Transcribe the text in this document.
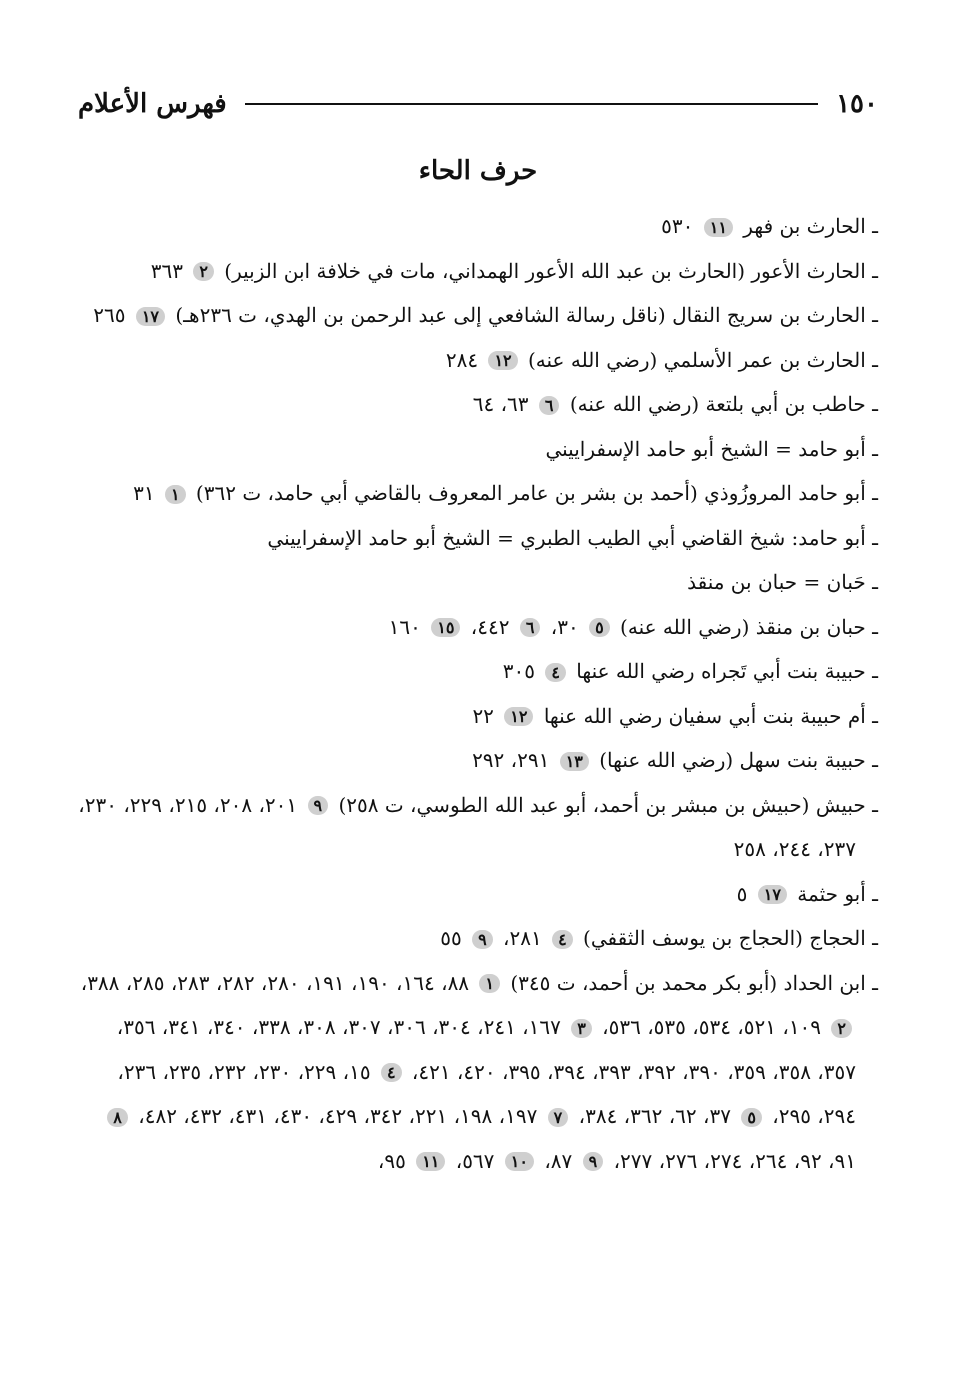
١٥٠
فهرس الأعلام
حرف الحاء
ـ الحارث بن فهر ١١ ٥٣٠
ـ الحارث الأعور (الحارث بن عبد الله الأعور الهمداني، مات في خلافة ابن الزبير) ٢ ٣٦٣
ـ الحارث بن سريج النقال (ناقل رسالة الشافعي إلى عبد الرحمن بن الهدي، ت ٢٣٦هـ) ١٧ ٢٦٥
ـ الحارث بن عمر الأسلمي (رضي الله عنه) ١٢ ٢٨٤
ـ حاطب بن أبي بلتعة (رضي الله عنه) ٦ ٦٣، ٦٤
ـ أبو حامد = الشيخ أبو حامد الإسفراييني
ـ أبو حامد المروزُوذي (أحمد بن بشر بن عامر المعروف بالقاضي أبي حامد، ت ٣٦٢) ١ ٣١
ـ أبو حامد: شيخ القاضي أبي الطيب الطبري = الشيخ أبو حامد الإسفراييني
ـ حَبان = حبان بن منقذ
ـ حبان بن منقذ (رضي الله عنه) ٥ ٣٠، ٦ ٤٤٢، ١٥ ١٦٠
ـ حبيبة بنت أبي تَجراه رضي الله عنها ٤ ٣٠٥
ـ أم حبيبة بنت أبي سفيان رضي الله عنها ١٢ ٢٢
ـ حبيبة بنت سهل (رضي الله عنها) ١٣ ٢٩١، ٢٩٢
ـ حبيش (حبيش بن مبشر بن أحمد، أبو عبد الله الطوسي، ت ٢٥٨) ٩ ٢٠١، ٢٠٨، ٢١٥، ٢٢٩، ٢٣٠، ٢٣٧، ٢٤٤، ٢٥٨
ـ أبو حثمة ١٧ ٥
ـ الحجاج (الحجاج بن يوسف الثقفي) ٤ ٢٨١، ٩ ٥٥
ـ ابن الحداد (أبو بكر محمد بن أحمد، ت ٣٤٥) ١ ٨٨، ١٦٤، ١٩٠، ١٩١، ٢٨٠، ٢٨٢، ٢٨٣، ٢٨٥، ٣٨٨، ٢ ١٠٩، ٥٢١، ٥٣٤، ٥٣٥، ٥٣٦، ٣ ١٦٧، ٢٤١، ٣٠٤، ٣٠٦، ٣٠٧، ٣٠٨، ٣٣٨، ٣٤٠، ٣٤١، ٣٥٦، ٣٥٧، ٣٥٨، ٣٥٩، ٣٩٠، ٣٩٢، ٣٩٣، ٣٩٤، ٣٩٥، ٤٢٠، ٤٢١، ٤ ١٥، ٢٢٩، ٢٣٠، ٢٣٢، ٢٣٥، ٢٣٦، ٢٩٤، ٢٩٥، ٥ ٣٧، ٦٢، ٣٦٢، ٣٨٤، ٧ ١٩٧، ١٩٨، ٢٢١، ٣٤٢، ٤٢٩، ٤٣٠، ٤٣١، ٤٣٢، ٤٨٢، ٨ ٩١، ٩٢، ٢٦٤، ٢٧٤، ٢٧٦، ٢٧٧، ٩ ٨٧، ١٠ ٥٦٧، ١١ ٩٥،
